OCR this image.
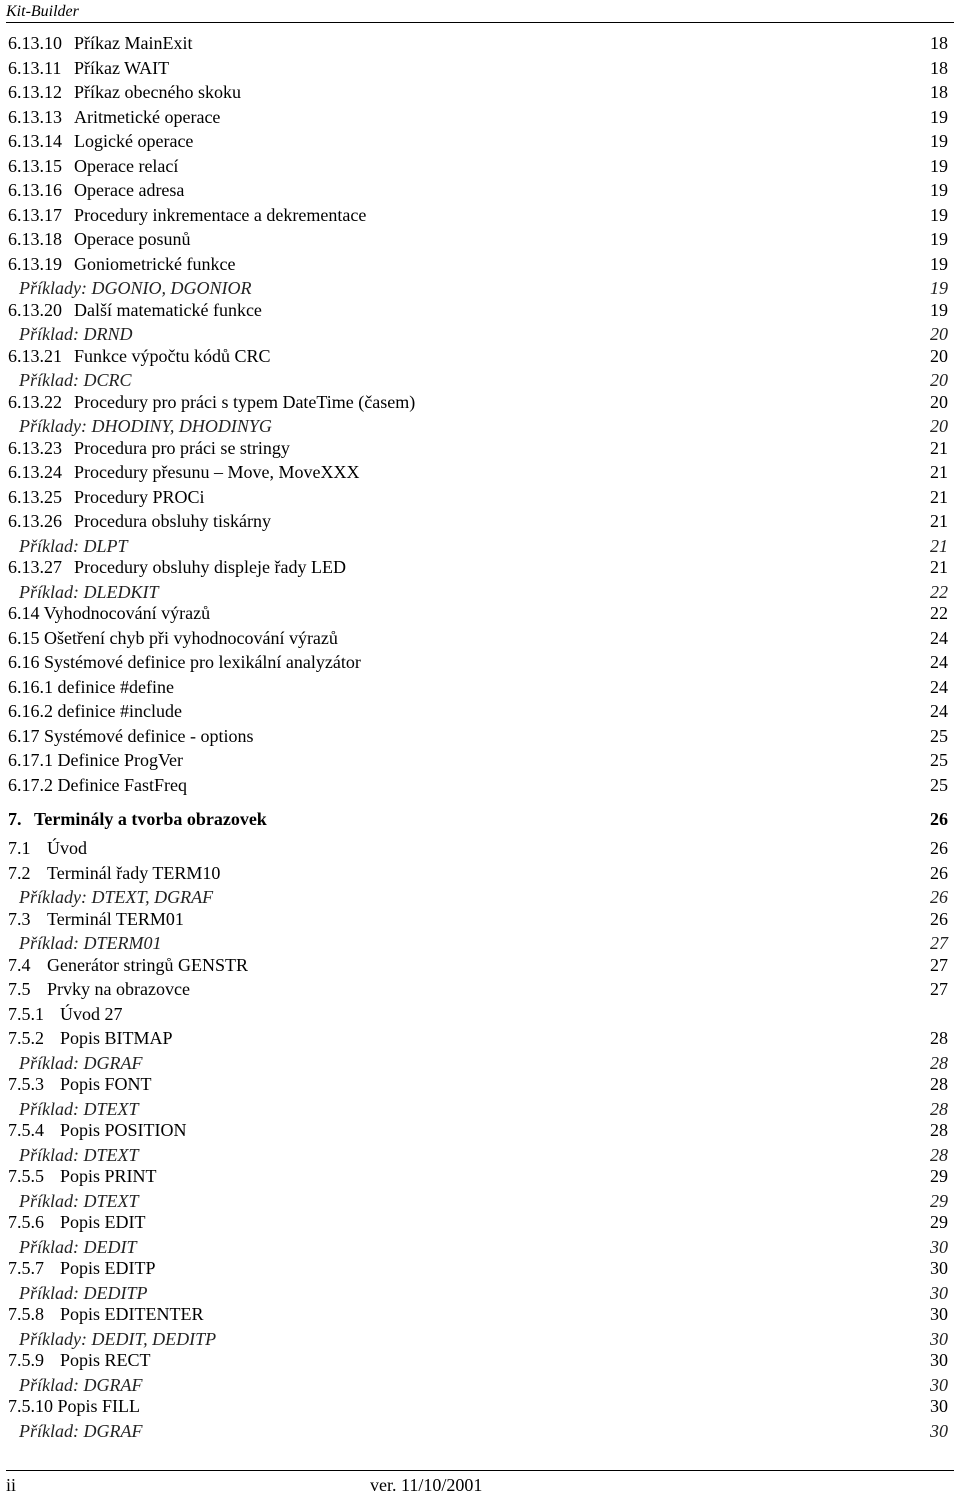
Kit-Builder
6.13.10 Příkaz MainExit	18
6.13.11 Příkaz WAIT	18
6.13.12 Příkaz obecného skoku	18
6.13.13 Aritmetické operace	19
6.13.14 Logické operace	19
6.13.15 Operace relací	19
6.13.16 Operace adresa	19
6.13.17 Procedury inkrementace a dekrementace	19
6.13.18 Operace posunů	19
6.13.19 Goniometrické funkce	19
Příklady: DGONIO, DGONIOR	19
6.13.20 Další matematické funkce	19
Příklad: DRND	20
6.13.21 Funkce výpočtu kódů CRC	20
Příklad: DCRC	20
6.13.22 Procedury pro práci s typem DateTime (časem)	20
Příklady: DHODINY, DHODINYG	20
6.13.23 Procedura pro práci se stringy	21
6.13.24 Procedury přesunu – Move, MoveXXX	21
6.13.25 Procedury PROCi	21
6.13.26 Procedura obsluhy tiskárny	21
Příklad: DLPT	21
6.13.27 Procedury obsluhy displeje řady LED	21
Příklad: DLEDKIT	22
6.14 Vyhodnocování výrazů	22
6.15 Ošetření chyb při vyhodnocování výrazů	24
6.16 Systémové definice pro lexikální analyzátor	24
6.16.1 definice #define	24
6.16.2 definice #include	24
6.17 Systémové definice - options	25
6.17.1 Definice ProgVer	25
6.17.2 Definice FastFreq	25
7. Terminály a tvorba obrazovek	26
7.1 Úvod	26
7.2 Terminál řady TERM10	26
Příklady: DTEXT, DGRAF	26
7.3 Terminál TERM01	26
Příklad: DTERM01	27
7.4 Generátor stringů GENSTR	27
7.5 Prvky na obrazovce	27
7.5.1 Úvod 27
7.5.2 Popis BITMAP	28
Příklad: DGRAF	28
7.5.3 Popis FONT	28
Příklad: DTEXT	28
7.5.4 Popis POSITION	28
Příklad: DTEXT	28
7.5.5 Popis PRINT	29
Příklad: DTEXT	29
7.5.6 Popis EDIT	29
Příklad: DEDIT	30
7.5.7 Popis EDITP	30
Příklad: DEDITP	30
7.5.8 Popis EDITENTER	30
Příklady: DEDIT, DEDITP	30
7.5.9 Popis RECT	30
Příklad: DGRAF	30
7.5.10 Popis FILL	30
Příklad: DGRAF	30
ii	ver. 11/10/2001
